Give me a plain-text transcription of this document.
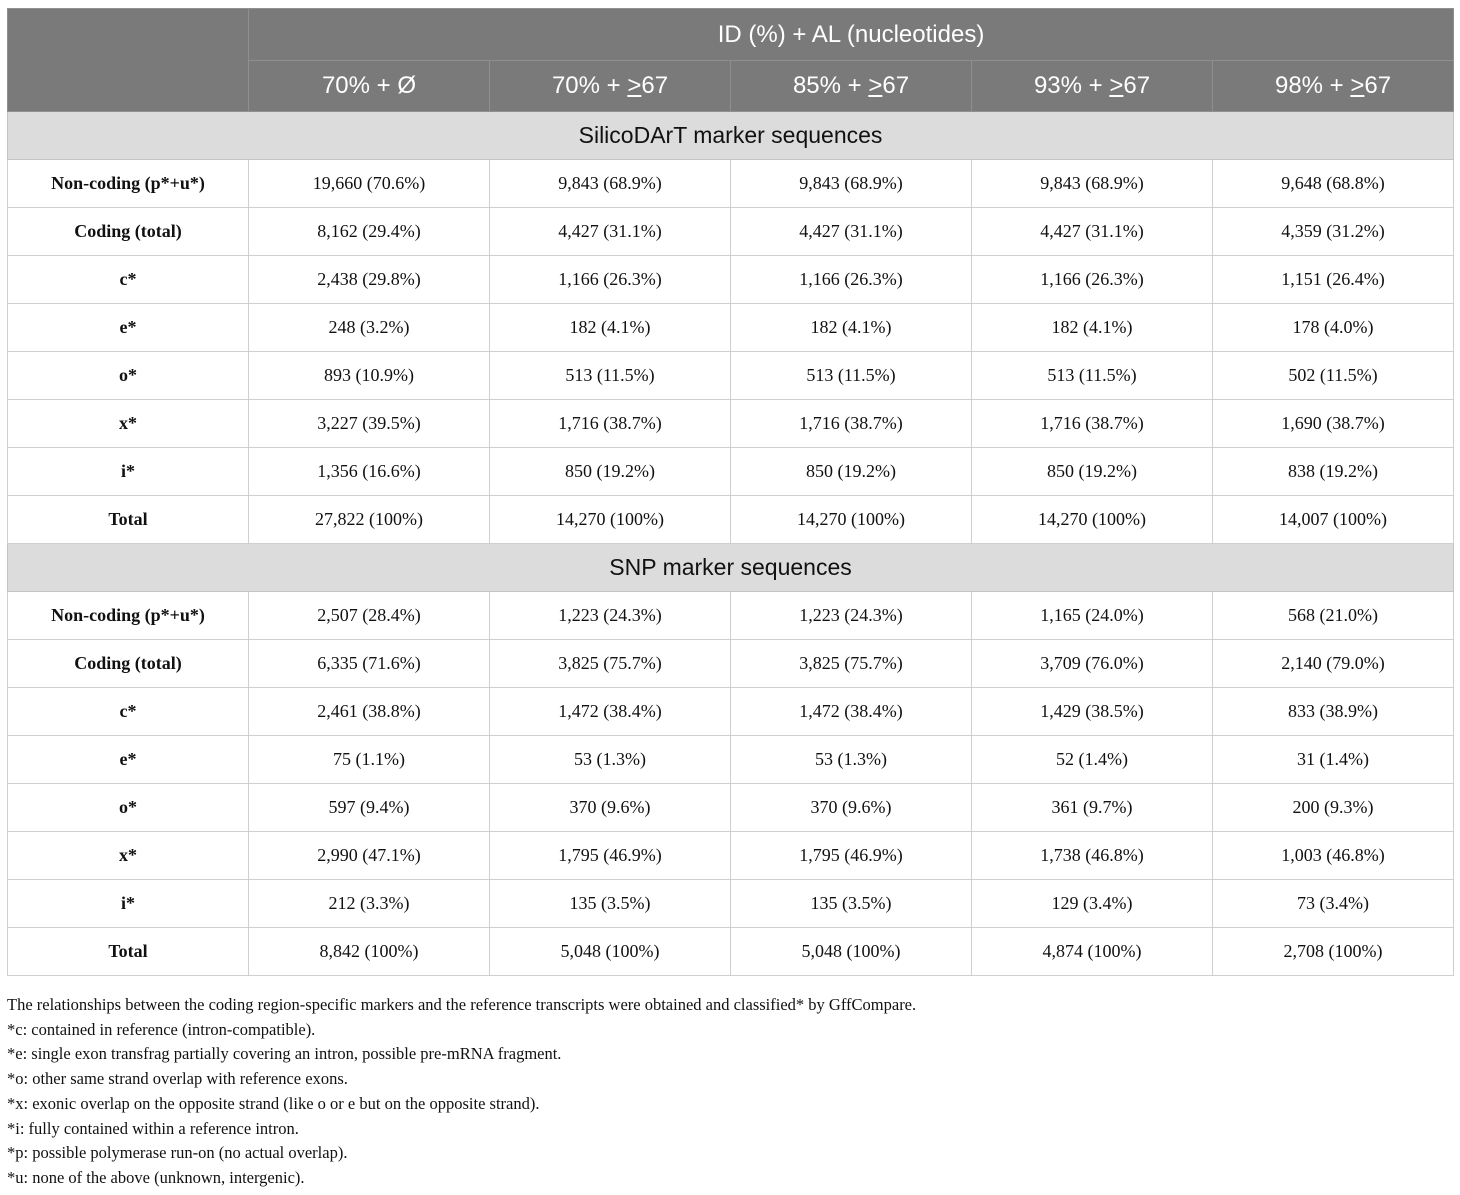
	ID (%) + AL (nucleotides)				
	70% + Ø	70% + >67	85% + >67	93% + >67	98% + >67
SilicoDArT marker sequences					
Non-coding (p*+u*)	19,660 (70.6%)	9,843 (68.9%)	9,843 (68.9%)	9,843 (68.9%)	9,648 (68.8%)
Coding (total)	8,162 (29.4%)	4,427 (31.1%)	4,427 (31.1%)	4,427 (31.1%)	4,359 (31.2%)
c*	2,438 (29.8%)	1,166 (26.3%)	1,166 (26.3%)	1,166 (26.3%)	1,151 (26.4%)
e*	248 (3.2%)	182 (4.1%)	182 (4.1%)	182 (4.1%)	178 (4.0%)
o*	893 (10.9%)	513 (11.5%)	513 (11.5%)	513 (11.5%)	502 (11.5%)
x*	3,227 (39.5%)	1,716 (38.7%)	1,716 (38.7%)	1,716 (38.7%)	1,690 (38.7%)
i*	1,356 (16.6%)	850 (19.2%)	850 (19.2%)	850 (19.2%)	838 (19.2%)
Total	27,822 (100%)	14,270 (100%)	14,270 (100%)	14,270 (100%)	14,007 (100%)
SNP marker sequences					
Non-coding (p*+u*)	2,507 (28.4%)	1,223 (24.3%)	1,223 (24.3%)	1,165 (24.0%)	568 (21.0%)
Coding (total)	6,335 (71.6%)	3,825 (75.7%)	3,825 (75.7%)	3,709 (76.0%)	2,140 (79.0%)
c*	2,461 (38.8%)	1,472 (38.4%)	1,472 (38.4%)	1,429 (38.5%)	833 (38.9%)
e*	75 (1.1%)	53 (1.3%)	53 (1.3%)	52 (1.4%)	31 (1.4%)
o*	597 (9.4%)	370 (9.6%)	370 (9.6%)	361 (9.7%)	200 (9.3%)
x*	2,990 (47.1%)	1,795 (46.9%)	1,795 (46.9%)	1,738 (46.8%)	1,003 (46.8%)
i*	212 (3.3%)	135 (3.5%)	135 (3.5%)	129 (3.4%)	73 (3.4%)
Total	8,842 (100%)	5,048 (100%)	5,048 (100%)	4,874 (100%)	2,708 (100%)
The relationships between the coding region-specific markers and the reference transcripts were obtained and classified* by GffCompare.
*c: contained in reference (intron-compatible).
*e: single exon transfrag partially covering an intron, possible pre-mRNA fragment.
*o: other same strand overlap with reference exons.
*x: exonic overlap on the opposite strand (like o or e but on the opposite strand).
*i: fully contained within a reference intron.
*p: possible polymerase run-on (no actual overlap).
*u: none of the above (unknown, intergenic).
